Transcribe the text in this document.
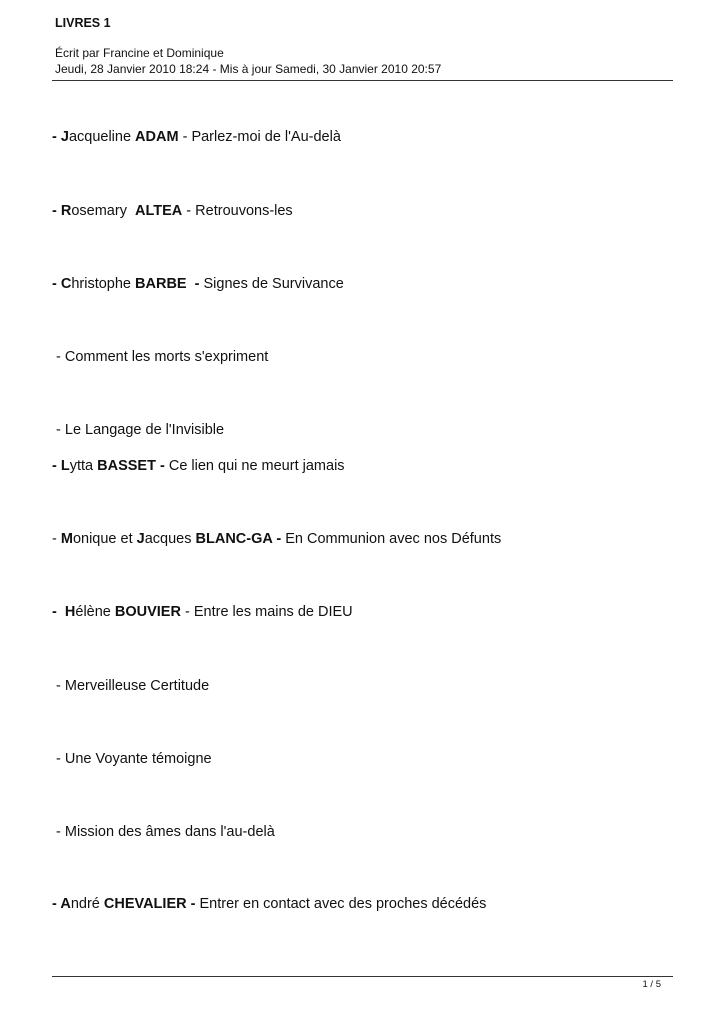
LIVRES 1
Écrit par Francine et Dominique
Jeudi, 28 Janvier 2010 18:24 - Mis à jour Samedi, 30 Janvier 2010 20:57
- Jacqueline ADAM - Parlez-moi de l'Au-delà
- Rosemary  ALTEA - Retrouvons-les
- Christophe BARBE  - Signes de Survivance
- Comment les morts s'expriment
- Le Langage de l'Invisible
- Lytta BASSET - Ce lien qui ne meurt jamais
- Monique et Jacques BLANC-GA - En Communion avec nos Défunts
-  Hélène BOUVIER - Entre les mains de DIEU
- Merveilleuse Certitude
- Une Voyante témoigne
- Mission des âmes dans l'au-delà
- André CHEVALIER - Entrer en contact avec des proches décédés
1 / 5
